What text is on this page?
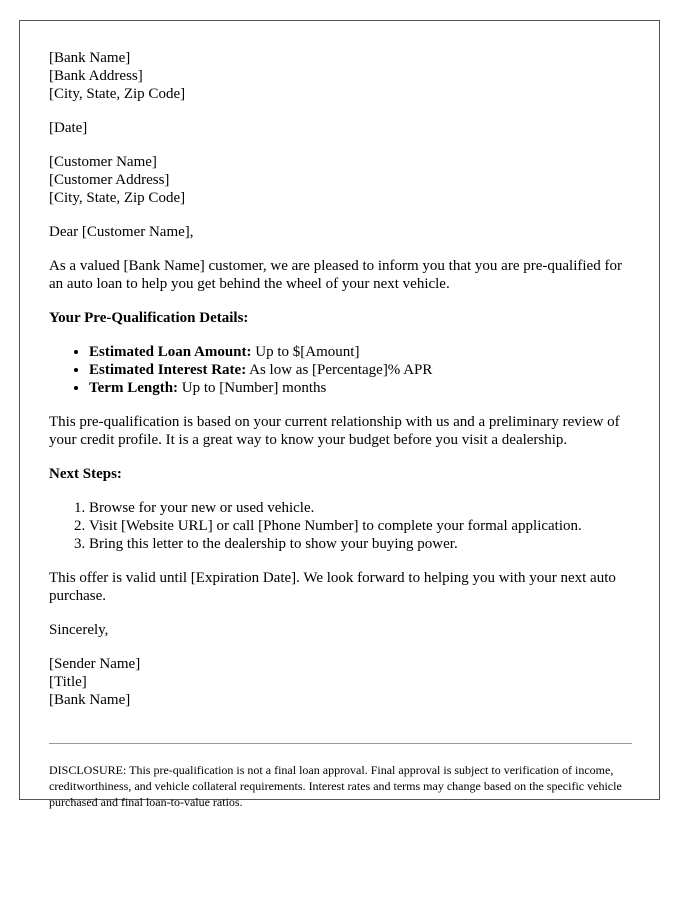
[Bank Name]

[Bank Address]

[City, State, Zip Code]

[Date]

[Customer Name]

[Customer Address]

[City, State, Zip Code]

Dear [Customer Name],

As a valued [Bank Name] customer, we are pleased to inform you that you are pre-qualified for an auto loan to help you get behind the wheel of your next vehicle.

Your Pre-Qualification Details:

• Estimated Loan Amount: Up to $[Amount]
• Estimated Interest Rate: As low as [Percentage]% APR
• Term Length: Up to [Number] months

This pre-qualification is based on your current relationship with us and a preliminary review of your credit profile. It is a great way to know your budget before you visit a dealership.

Next Steps:

1. Browse for your new or used vehicle.
2. Visit [Website URL] or call [Phone Number] to complete your formal application.
3. Bring this letter to the dealership to show your buying power.

This offer is valid until [Expiration Date]. We look forward to helping you with your next auto purchase.

Sincerely,

[Sender Name]

[Title]

[Bank Name]

DISCLOSURE: This pre-qualification is not a final loan approval. Final approval is subject to verification of income, creditworthiness, and vehicle collateral requirements. Interest rates and terms may change based on the specific vehicle purchased and final loan-to-value ratios.
